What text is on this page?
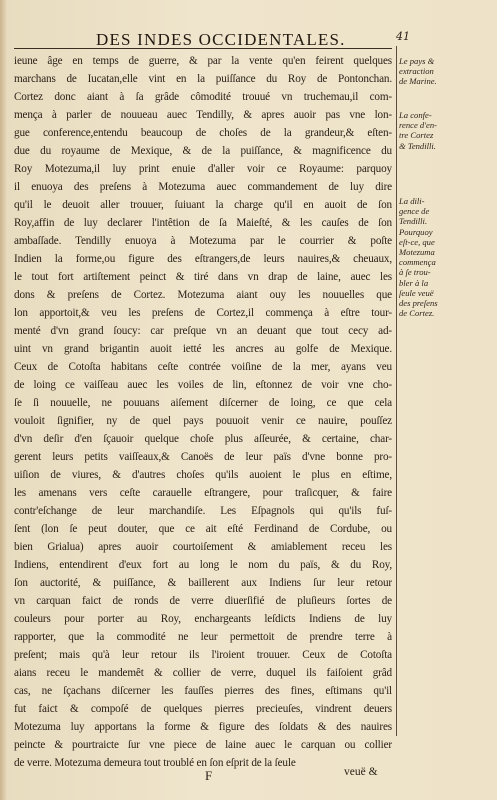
DES INDES OCCIDENTALES.	41
ieune âge en temps de guerre, & par la vente qu'en feirent quelques
marchans de Iucatan,elle vint en la puiſſance du Roy de Pontonchan.
Cortez donc aiant à ſa grâde cômodité trouué vn truchemau,il com-
mença à parler de nouueau auec Tendilly, & apres auoir pas vne lon-
gue conference,entendu beaucoup de choſes de la grandeur,& eſten-
due du royaume de Mexique, & de la puiſſance, & magnificence du
Roy Motezuma,il luy print enuie d'aller voir ce Royaume: parquoy
il enuoya des preſens à Motezuma auec commandement de luy dire
qu'il le deuoit aller trouuer, ſuiuant la charge qu'il en auoit de ſon
Roy,affin de luy declarer l'intêtion de ſa Maieſté, & les cauſes de ſon
ambaſſade. Tendilly enuoya à Motezuma par le courrier & poſte
Indien la forme,ou figure des eſtrangers,de leurs nauires,& cheuaux,
le tout fort artiſtement peinct & tiré dans vn drap de laine, auec les
dons & preſens de Cortez. Motezuma aiant ouy les nouuelles que
lon apportoit,& veu les preſens de Cortez,il commença à eſtre tour-
menté d'vn grand ſoucy: car preſque vn an deuant que tout cecy ad-
uint vn grand brigantin auoit ietté les ancres au golfe de Mexique.
Ceux de Cotoſta habitans ceſte contrée voiſine de la mer, ayans veu
de loing ce vaiſſeau auec les voiles de lin, eſtonnez de voir vne cho-
ſe ſi nouuelle, ne pouuans aiſement diſcerner de loing, ce que cela
vouloit ſignifier, ny de quel pays pouuoit venir ce nauire, pouſſez
d'vn deſir d'en ſçauoir quelque choſe plus aſſeurée, & certaine, char-
gerent leurs petits vaiſſeaux,& Canoës de leur païs d'vne bonne pro-
uiſion de viures, & d'autres choſes qu'ils auoient le plus en eſtime,
les amenans vers ceſte carauelle eſtrangere, pour traſicquer, & faire
contr'eſchange de leur marchandiſe. Les Eſpagnols qui qu'ils fuſ-
ſent (lon ſe peut douter, que ce ait eſté Ferdinand de Cordube, ou
bien Grialua) apres auoir courtoiſement & amiablement receu les
Indiens, entendirent d'eux fort au long le nom du païs, & du Roy,
ſon auctorité, & puiſſance, & baillerent aux Indiens ſur leur retour
vn carquan faict de ronds de verre diuerſifié de pluſieurs ſortes de
couleurs pour porter au Roy, enchargeants leſdicts Indiens de luy
rapporter, que la commodité ne leur permettoit de prendre terre à
preſent; mais qu'à leur retour ils l'iroient trouuer. Ceux de Cotoſta
aians receu le mandemêt & collier de verre, duquel ils faiſoient grâd
cas, ne ſçachans diſcerner les fauſſes pierres des fines, eſtimans qu'il
fut faict & compoſé de quelques pierres precieuſes, vindrent deuers
Motezuma luy apportans la forme & figure des ſoldats & des nauires
peincte & pourtraicte ſur vne piece de laine auec le carquan ou collier
de verre. Motezuma demeura tout troublé en ſon eſprit de la ſeule
Le pays &
extraction
de Marine.
La confe-
rence d'en-
tre Cortez
& Tendilli.
La dili-
gence de
Tendilli.
Pourquoy
eſt-ce, que
Motezuma
commença
à ſe trou-
bler à la
ſeule veuë
des preſens
de Cortez.
F	veuë &
